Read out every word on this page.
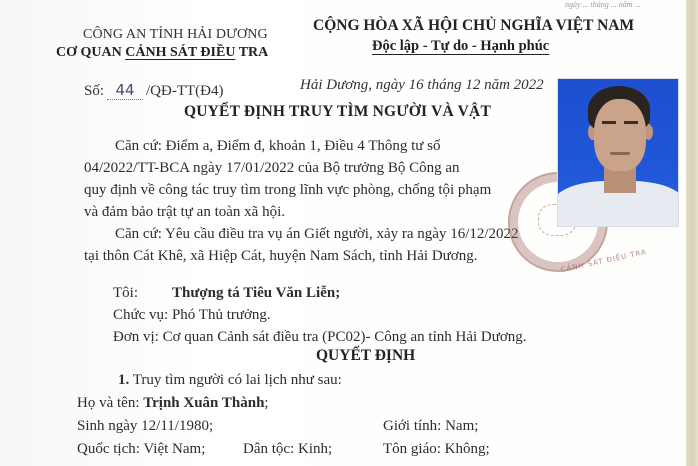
ngày ... tháng ... năm ...
CÔNG AN TỈNH HẢI DƯƠNG
CƠ QUAN CẢNH SÁT ĐIỀU TRA
CỘNG HÒA XÃ HỘI CHỦ NGHĨA VIỆT NAM
Độc lập - Tự do - Hạnh phúc
Số: 44 /QĐ-TT(Đ4)	Hải Dương, ngày 16 tháng 12 năm 2022
QUYẾT ĐỊNH TRUY TÌM NGƯỜI VÀ VẬT
Căn cứ: Điểm a, Điểm đ, khoản 1, Điều 4 Thông tư số
04/2022/TT-BCA ngày 17/01/2022 của Bộ trưởng Bộ Công an
quy định về công tác truy tìm trong lĩnh vực phòng, chống tội phạm
và đảm bảo trật tự an toàn xã hội.
Căn cứ: Yêu cầu điều tra vụ án Giết người, xảy ra ngày 16/12/2022
tại thôn Cát Khê, xã Hiệp Cát, huyện Nam Sách, tỉnh Hải Dương.
Tôi: Thượng tá Tiêu Văn Liễn;
Chức vụ: Phó Thủ trưởng.
Đơn vị: Cơ quan Cảnh sát điều tra (PC02)- Công an tỉnh Hải Dương.
QUYẾT ĐỊNH
1. Truy tìm người có lai lịch như sau:
Họ và tên: Trịnh Xuân Thành;
Sinh ngày 12/11/1980;	Giới tính: Nam;
Quốc tịch: Việt Nam;	Dân tộc: Kinh;	Tôn giáo: Không;
CẢNH SÁT ĐIỀU TRA
